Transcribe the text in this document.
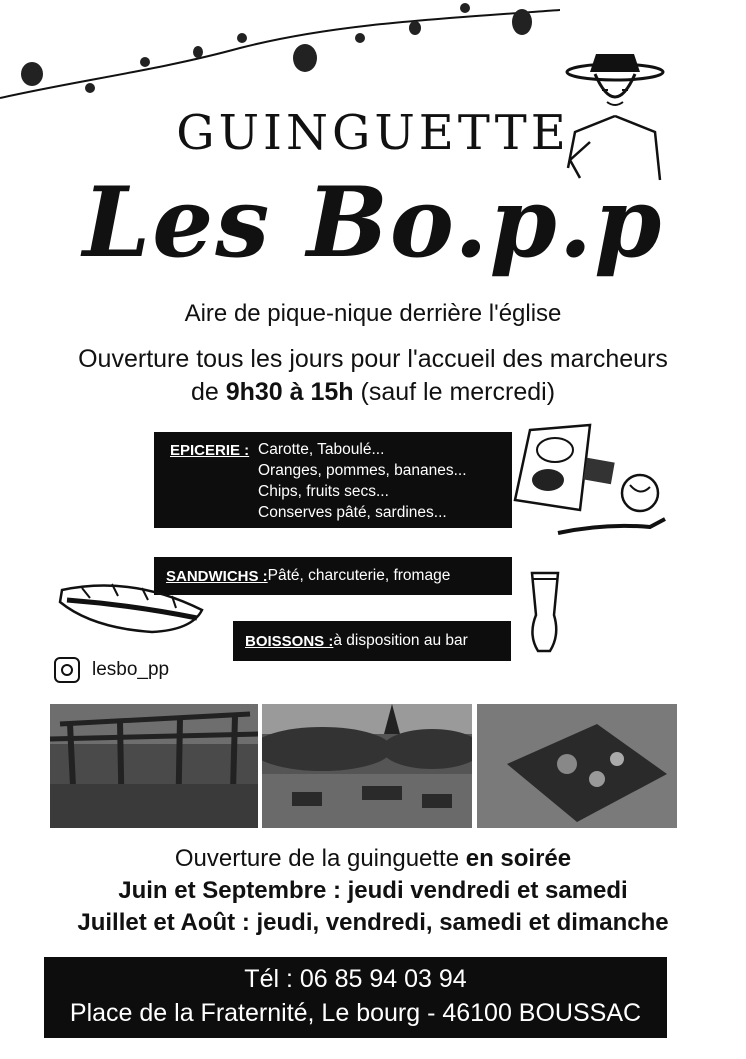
GUINGUETTE
Les Bo.p.p
Aire de pique-nique derrière l'église
Ouverture tous les jours pour l'accueil des marcheurs
de 9h30 à 15h (sauf le mercredi)
EPICERIE : Carotte, Taboulé...
Oranges, pommes, bananes...
Chips, fruits secs...
Conserves pâté, sardines...
SANDWICHS : Pâté, charcuterie, fromage
BOISSONS : à disposition au bar
lesbo_pp
Ouverture de la guinguette en soirée
Juin et Septembre : jeudi vendredi et samedi
Juillet et Août : jeudi, vendredi, samedi et dimanche
Tél : 06 85 94 03 94
Place de la Fraternité, Le bourg - 46100 BOUSSAC
